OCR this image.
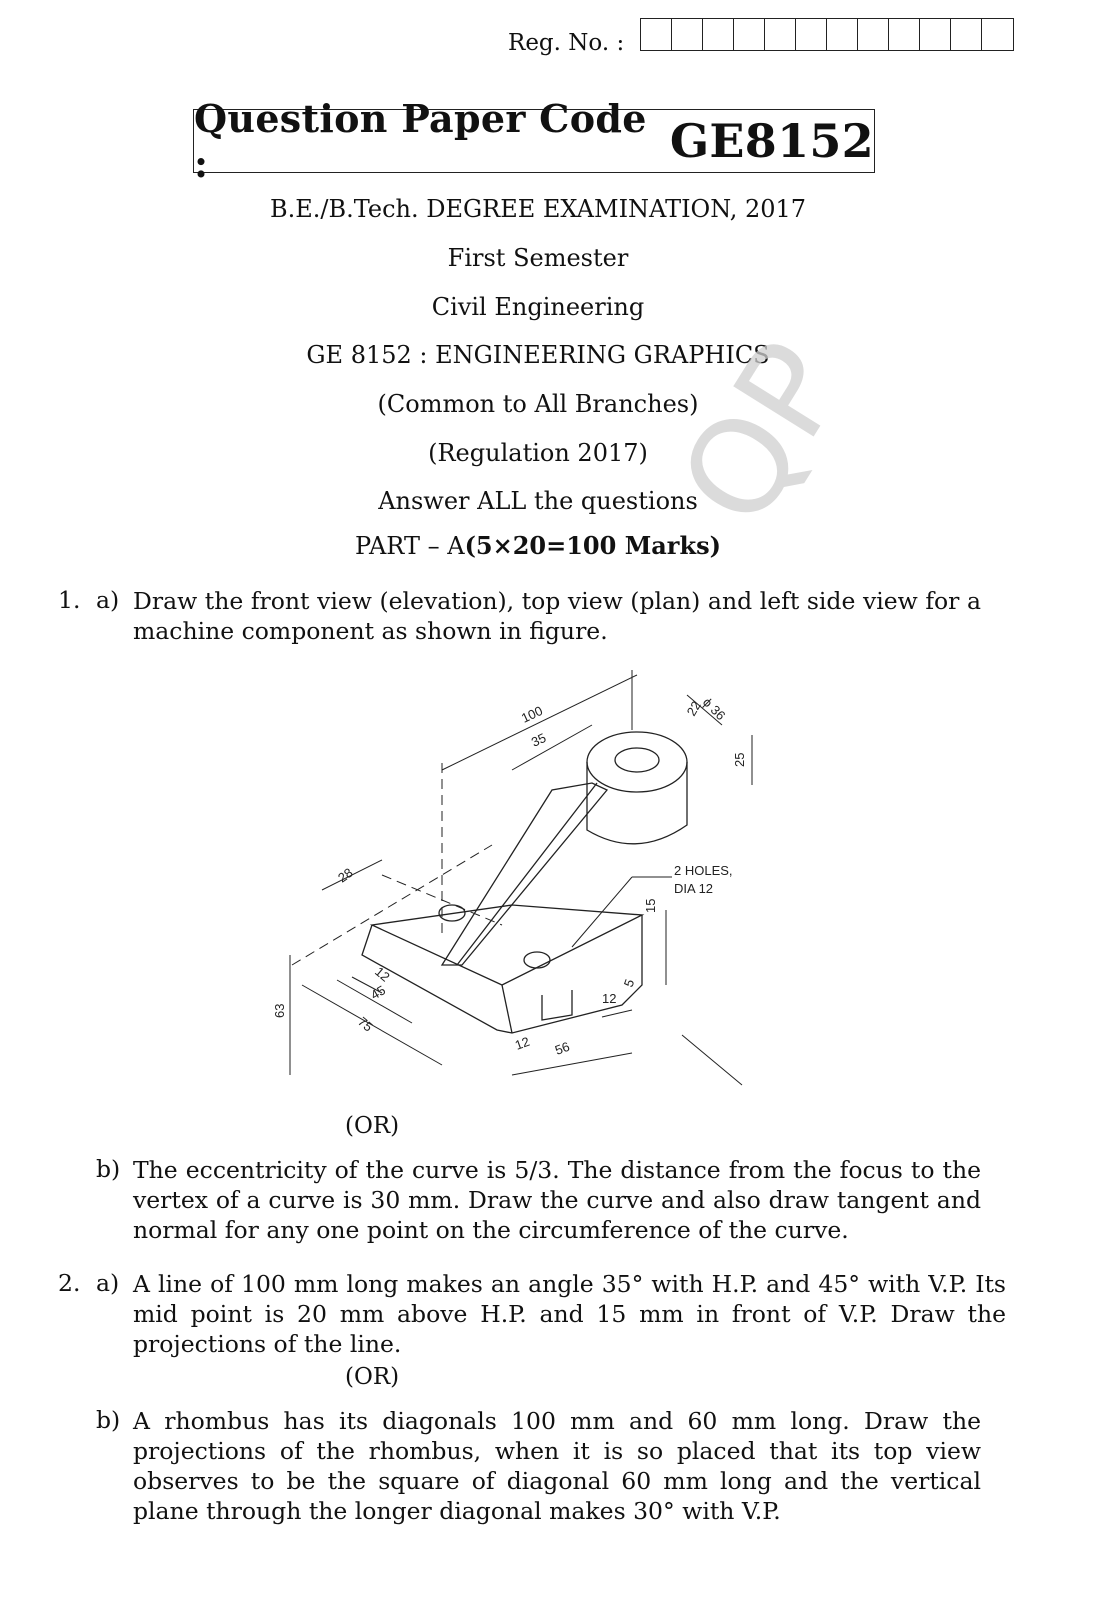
Reg. No. :
Question Paper Code :	GE8152
B.E./B.Tech. DEGREE EXAMINATION, 2017
First Semester
Civil Engineering
GE 8152 : ENGINEERING GRAPHICS
(Common to All Branches)
(Regulation 2017)
Answer ALL the questions
PART – A(5×20=100 Marks)
QP
1. a) Draw the front view (elevation), top view (plan) and left side view for a machine component as shown in figure.
100
35
ϕ 36
22
25
28	2 HOLES,
DIA 12
15
5
12
12
45
75
63
12 56
(OR)
b) The eccentricity of the curve is 5/3. The distance from the focus to the vertex of a curve is 30 mm. Draw the curve and also draw tangent and normal for any one point on the circumference of the curve.
2. a) A line of 100 mm long makes an angle 35° with H.P. and 45° with V.P. Its mid point is 20 mm above H.P. and 15 mm in front of V.P. Draw the projections of the line.
(OR)
b) A rhombus has its diagonals 100 mm and 60 mm long. Draw the projections of the rhombus, when it is so placed that its top view observes to be the square of diagonal 60 mm long and the vertical plane through the longer diagonal makes 30° with V.P.
